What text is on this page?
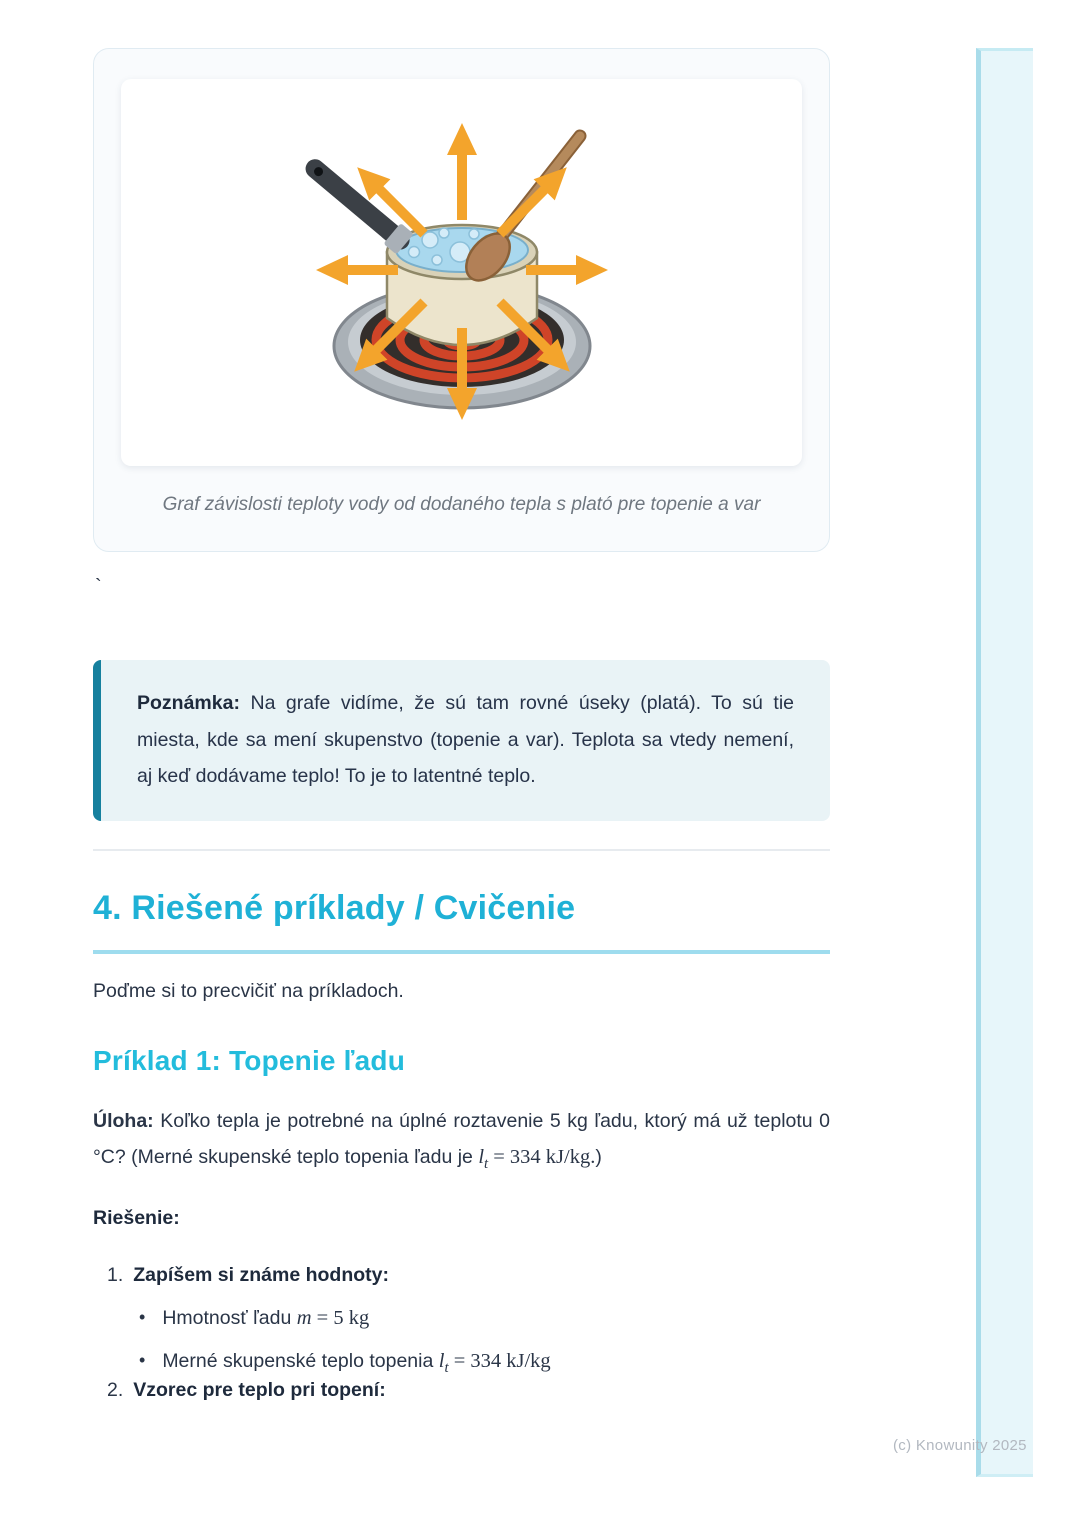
(c) Knowunity 2025
Graf závislosti teploty vody od dodaného tepla s plató pre topenie a var
`
Poznámka: Na grafe vidíme, že sú tam rovné úseky (platá). To sú tie miesta, kde sa mení skupenstvo (topenie a var). Teplota sa vtedy nemení, aj keď dodávame teplo! To je to latentné teplo.
4. Riešené príklady / Cvičenie

Poďme si to precvičiť na príkladoch.

Príklad 1: Topenie ľadu

Úloha: Koľko tepla je potrebné na úplné roztavenie 5 kg ľadu, ktorý má už teplotu 0 °C? (Merné skupenské teplo topenia ľadu je $l_t = 334$ kJ/kg.)

Riešenie:

1. Zapíšem si známe hodnoty:
• Hmotnosť ľadu m = 5 kg
• Merné skupenské teplo topenia $l_t = 334$ kJ/kg
2. Vzorec pre teplo pri topení:
